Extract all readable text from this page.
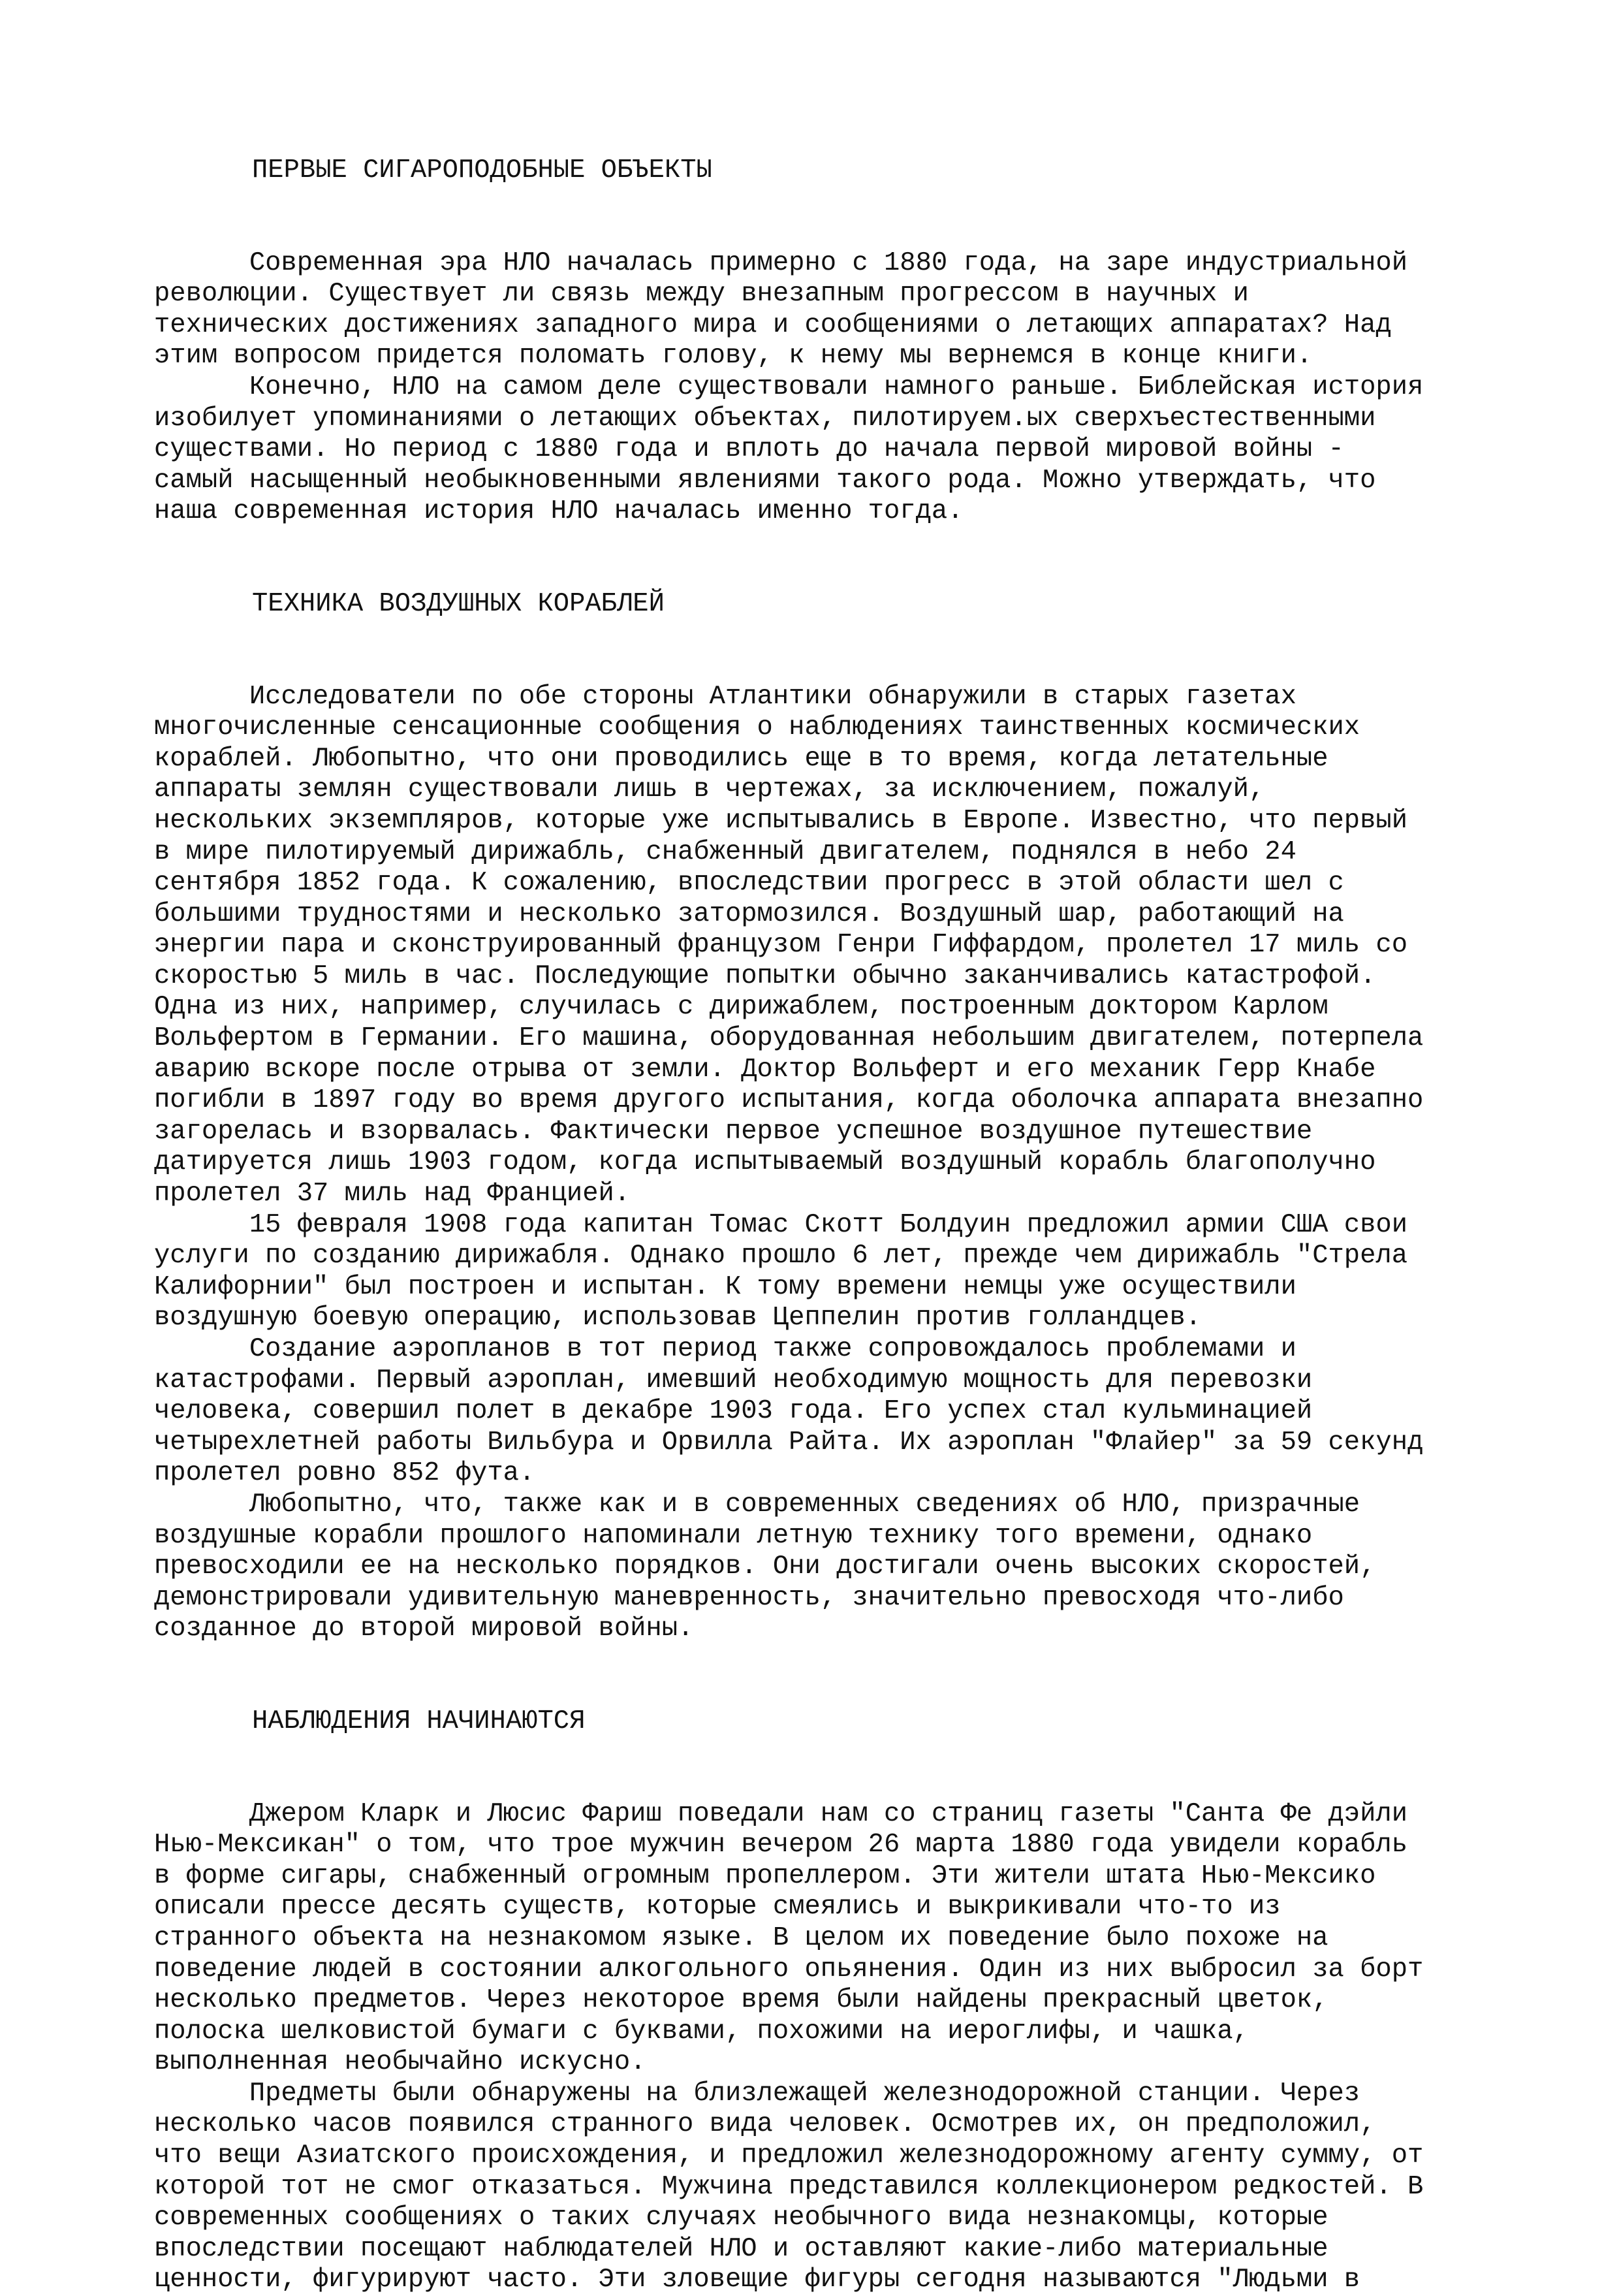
ПЕРВЫЕ СИГАРОПОДОБНЫЕ ОБЪЕКТЫ
Современная эра НЛО началась примерно с 1880 года, на заре индустриальной
революции. Существует ли связь между внезапным прогрессом в научных и
технических достижениях западного мира и сообщениями о летающих аппаратах? Над
этим вопросом придется поломать голову, к нему мы вернемся в конце книги.
Конечно, НЛО на самом деле существовали намного раньше. Библейская история
изобилует упоминаниями о летающих объектах, пилотируем.ых сверхъестественными
существами. Но период с 1880 года и вплоть до начала первой мировой войны -
самый насыщенный необыкновенными явлениями такого рода. Можно утверждать, что
наша современная история НЛО началась именно тогда.
ТЕХНИКА ВОЗДУШНЫХ КОРАБЛЕЙ
Исследователи по обе стороны Атлантики обнаружили в старых газетах
многочисленные сенсационные сообщения о наблюдениях таинственных космических
кораблей. Любопытно, что они проводились еще в то время, когда летательные
аппараты землян существовали лишь в чертежах, за исключением, пожалуй,
нескольких экземпляров, которые уже испытывались в Европе. Известно, что первый
в мире пилотируемый дирижабль, снабженный двигателем, поднялся в небо 24
сентября 1852 года. К сожалению, впоследствии прогресс в этой области шел с
большими трудностями и несколько затормозился. Воздушный шар, работающий на
энергии пара и сконструированный французом Генри Гиффардом, пролетел 17 миль со
скоростью 5 миль в час. Последующие попытки обычно заканчивались катастрофой.
Одна из них, например, случилась с дирижаблем, построенным доктором Карлом
Вольфертом в Германии. Его машина, оборудованная небольшим двигателем, потерпела
аварию вскоре после отрыва от земли. Доктор Вольферт и его механик Герр Кнабе
погибли в 1897 году во время другого испытания, когда оболочка аппарата внезапно
загорелась и взорвалась. Фактически первое успешное воздушное путешествие
датируется лишь 1903 годом, когда испытываемый воздушный корабль благополучно
пролетел 37 миль над Францией.
15 февраля 1908 года капитан Томас Скотт Болдуин предложил армии США свои
услуги по созданию дирижабля. Однако прошло 6 лет, прежде чем дирижабль "Стрела
Калифорнии" был построен и испытан. К тому времени немцы уже осуществили
воздушную боевую операцию, использовав Цеппелин против голландцев.
Создание аэропланов в тот период также сопровождалось проблемами и
катастрофами. Первый аэроплан, имевший необходимую мощность для перевозки
человека, совершил полет в декабре 1903 года. Его успех стал кульминацией
четырехлетней работы Вильбура и Орвилла Райта. Их аэроплан "Флайер" за 59 секунд
пролетел ровно 852 фута.
Любопытно, что, также как и в современных сведениях об НЛО, призрачные
воздушные корабли прошлого напоминали летную технику того времени, однако
превосходили ее на несколько порядков. Они достигали очень высоких скоростей,
демонстрировали удивительную маневренность, значительно превосходя что-либо
созданное до второй мировой войны.
НАБЛЮДЕНИЯ НАЧИНАЮТСЯ
Джером Кларк и Люсис Фариш поведали нам со страниц газеты "Санта Фе дэйли
Нью-Мексикан" о том, что трое мужчин вечером 26 марта 1880 года увидели корабль
в форме сигары, снабженный огромным пропеллером. Эти жители штата Нью-Мексико
описали прессе десять существ, которые смеялись и выкрикивали что-то из
странного объекта на незнакомом языке. В целом их поведение было похоже на
поведение людей в состоянии алкогольного опьянения. Один из них выбросил за борт
несколько предметов. Через некоторое время были найдены прекрасный цветок,
полоска шелковистой бумаги с буквами, похожими на иероглифы, и чашка,
выполненная необычайно искусно.
Предметы были обнаружены на близлежащей железнодорожной станции. Через
несколько часов появился странного вида человек. Осмотрев их, он предположил,
что вещи Азиатского происхождения, и предложил железнодорожному агенту сумму, от
которой тот не смог отказаться. Мужчина представился коллекционером редкостей. В
современных сообщениях о таких случаях необычного вида незнакомцы, которые
впоследствии посещают наблюдателей НЛО и оставляют какие-либо материальные
ценности, фигурируют часто. Эти зловещие фигуры сегодня называются "Людьми в
